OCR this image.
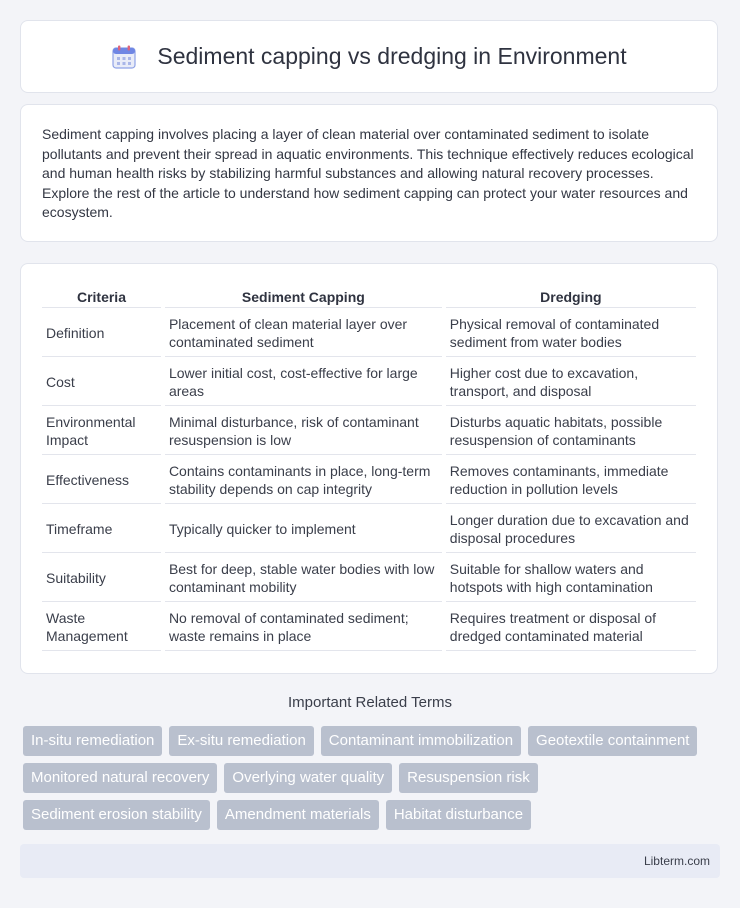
Sediment capping vs dredging in Environment

Sediment capping involves placing a layer of clean material over contaminated sediment to isolate pollutants and prevent their spread in aquatic environments. This technique effectively reduces ecological and human health risks by stabilizing harmful substances and allowing natural recovery processes. Explore the rest of the article to understand how sediment capping can protect your water resources and ecosystem.

Criteria	Sediment Capping	Dredging
Definition	Placement of clean material layer over contaminated sediment	Physical removal of contaminated sediment from water bodies
Cost	Lower initial cost, cost-effective for large areas	Higher cost due to excavation, transport, and disposal
Environmental Impact	Minimal disturbance, risk of contaminant resuspension is low	Disturbs aquatic habitats, possible resuspension of contaminants
Effectiveness	Contains contaminants in place, long-term stability depends on cap integrity	Removes contaminants, immediate reduction in pollution levels
Timeframe	Typically quicker to implement	Longer duration due to excavation and disposal procedures
Suitability	Best for deep, stable water bodies with low contaminant mobility	Suitable for shallow waters and hotspots with high contamination
Waste Management	No removal of contaminated sediment; waste remains in place	Requires treatment or disposal of dredged contaminated material
Important Related Terms
In-situ remediation	Ex-situ remediation	Contaminant immobilization	Geotextile containment
Monitored natural recovery	Overlying water quality	Resuspension risk
Sediment erosion stability	Amendment materials	Habitat disturbance
Libterm.com
